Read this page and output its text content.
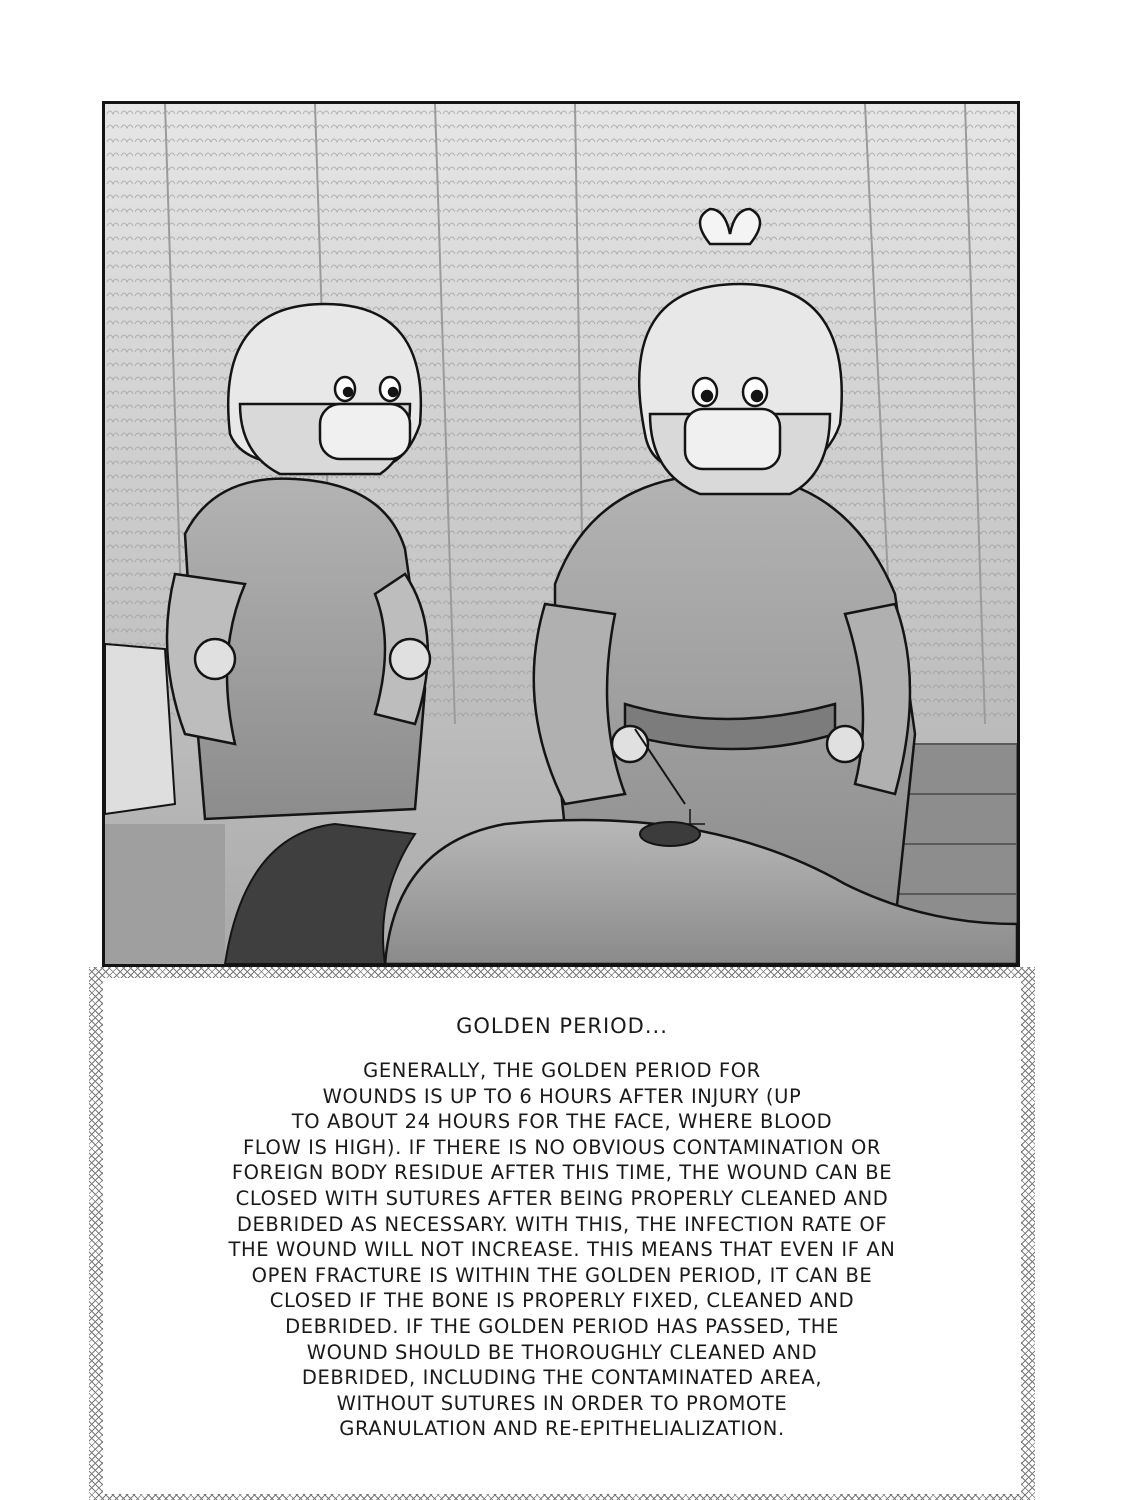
GOLDEN PERIOD...

GENERALLY, THE GOLDEN PERIOD FOR
WOUNDS IS UP TO 6 HOURS AFTER INJURY (UP
TO ABOUT 24 HOURS FOR THE FACE, WHERE BLOOD
FLOW IS HIGH). IF THERE IS NO OBVIOUS CONTAMINATION OR
FOREIGN BODY RESIDUE AFTER THIS TIME, THE WOUND CAN BE
CLOSED WITH SUTURES AFTER BEING PROPERLY CLEANED AND
DEBRIDED AS NECESSARY. WITH THIS, THE INFECTION RATE OF
THE WOUND WILL NOT INCREASE. THIS MEANS THAT EVEN IF AN
OPEN FRACTURE IS WITHIN THE GOLDEN PERIOD, IT CAN BE
CLOSED IF THE BONE IS PROPERLY FIXED, CLEANED AND
DEBRIDED. IF THE GOLDEN PERIOD HAS PASSED, THE
WOUND SHOULD BE THOROUGHLY CLEANED AND
DEBRIDED, INCLUDING THE CONTAMINATED AREA,
WITHOUT SUTURES IN ORDER TO PROMOTE
GRANULATION AND RE-EPITHELIALIZATION.
